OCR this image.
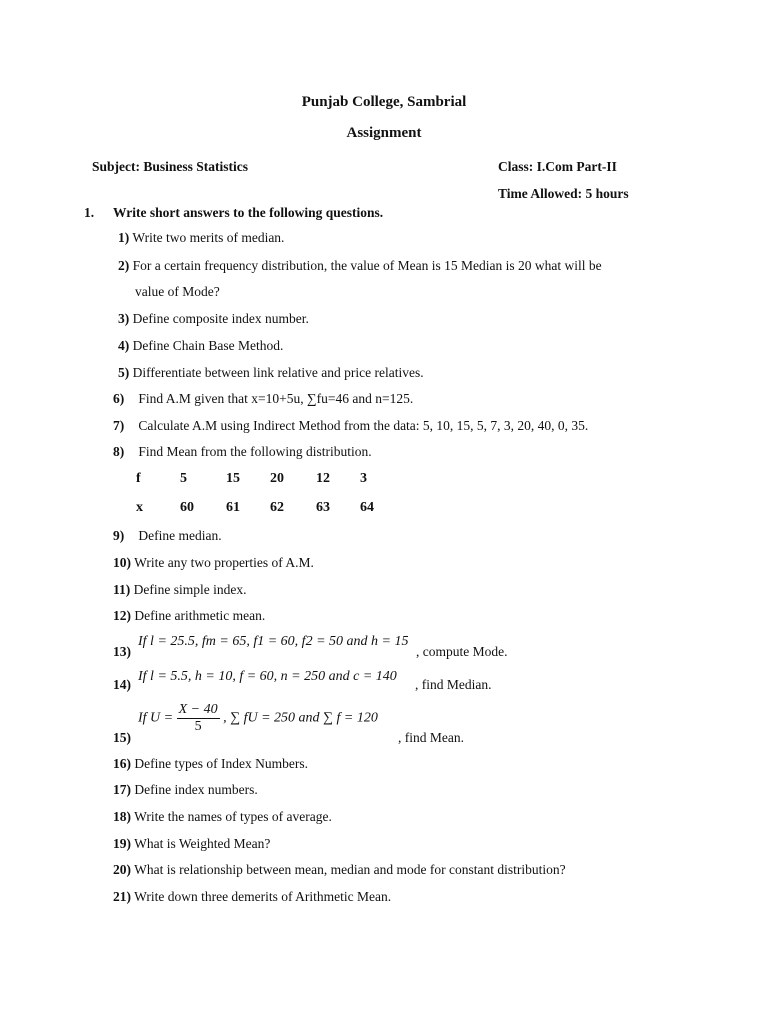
Punjab College, Sambrial
Assignment
Subject: Business Statistics	Class: I.Com Part-II
Time Allowed: 5 hours
1. Write short answers to the following questions.
1) Write two merits of median.
2) For a certain frequency distribution, the value of Mean is 15 Median is 20 what will be
value of Mode?
3) Define composite index number.
4) Define Chain Base Method.
5) Differentiate between link relative and price relatives.
6) Find A.M given that x=10+5u, ∑fu=46 and n=125.
7) Calculate A.M using Indirect Method from the data: 5, 10, 15, 5, 7, 3, 20, 40, 0, 35.
8) Find Mean from the following distribution.
f	5	15 20 12 3
x	60 61 62 63 64
9) Define median.
10) Write any two properties of A.M.
11) Define simple index.
12) Define arithmetic mean.
13)
If l = 25.5, fm = 65, f1 = 60, f2 = 50 and h = 15
, compute Mode.
14)
If l = 5.5, h = 10, f = 60, n = 250 and c = 140
, find Median.
15)
If $U = \frac{X - 40}{5}$ , ∑ fU = 250 and ∑ f = 120
, find Mean.
16) Define types of Index Numbers.
17) Define index numbers.
18) Write the names of types of average.
19) What is Weighted Mean?
20) What is relationship between mean, median and mode for constant distribution?
21) Write down three demerits of Arithmetic Mean.
